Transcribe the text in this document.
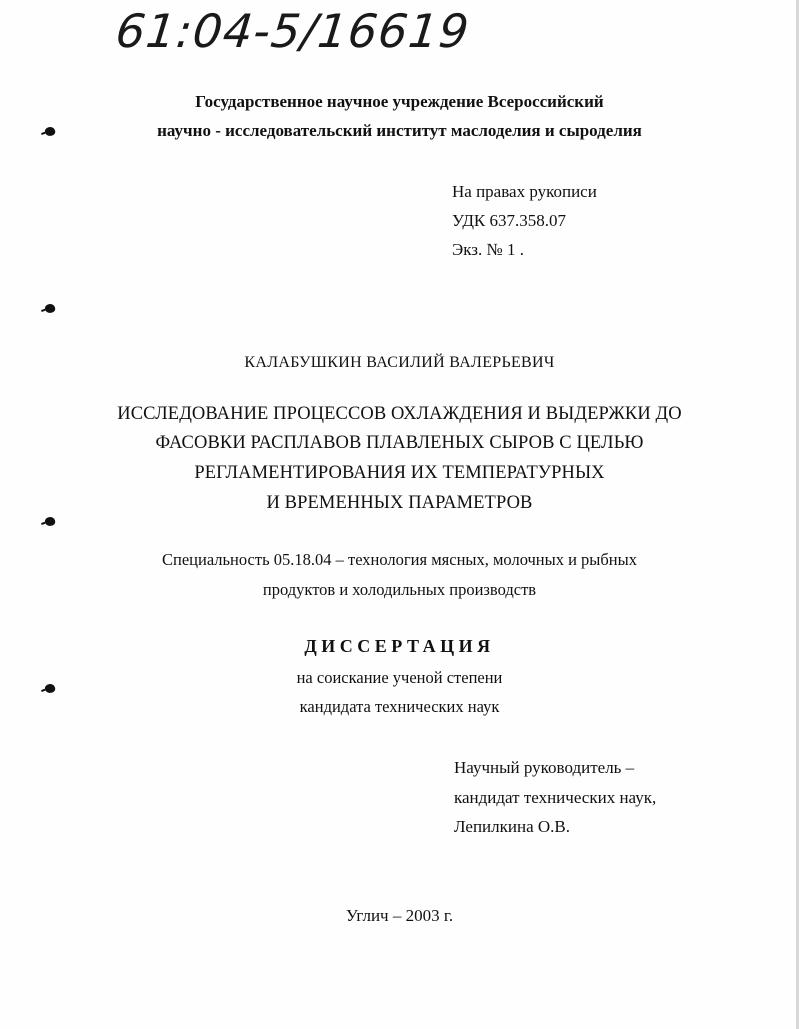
61:04-5/16619
Государственное научное учреждение Всероссийский
научно - исследовательский институт маслоделия и сыроделия
На правах рукописи
УДК 637.358.07
Экз. № 1 .
КАЛАБУШКИН ВАСИЛИЙ ВАЛЕРЬЕВИЧ
ИССЛЕДОВАНИЕ ПРОЦЕССОВ ОХЛАЖДЕНИЯ И ВЫДЕРЖКИ ДО
ФАСОВКИ РАСПЛАВОВ ПЛАВЛЕНЫХ СЫРОВ С ЦЕЛЬЮ
РЕГЛАМЕНТИРОВАНИЯ ИХ ТЕМПЕРАТУРНЫХ
И ВРЕМЕННЫХ ПАРАМЕТРОВ
Специальность 05.18.04 – технология мясных, молочных и рыбных
продуктов и холодильных производств
ДИССЕРТАЦИЯ
на соискание ученой степени
кандидата технических наук
Научный руководитель –
кандидат технических наук,
Лепилкина О.В.
Углич – 2003 г.
